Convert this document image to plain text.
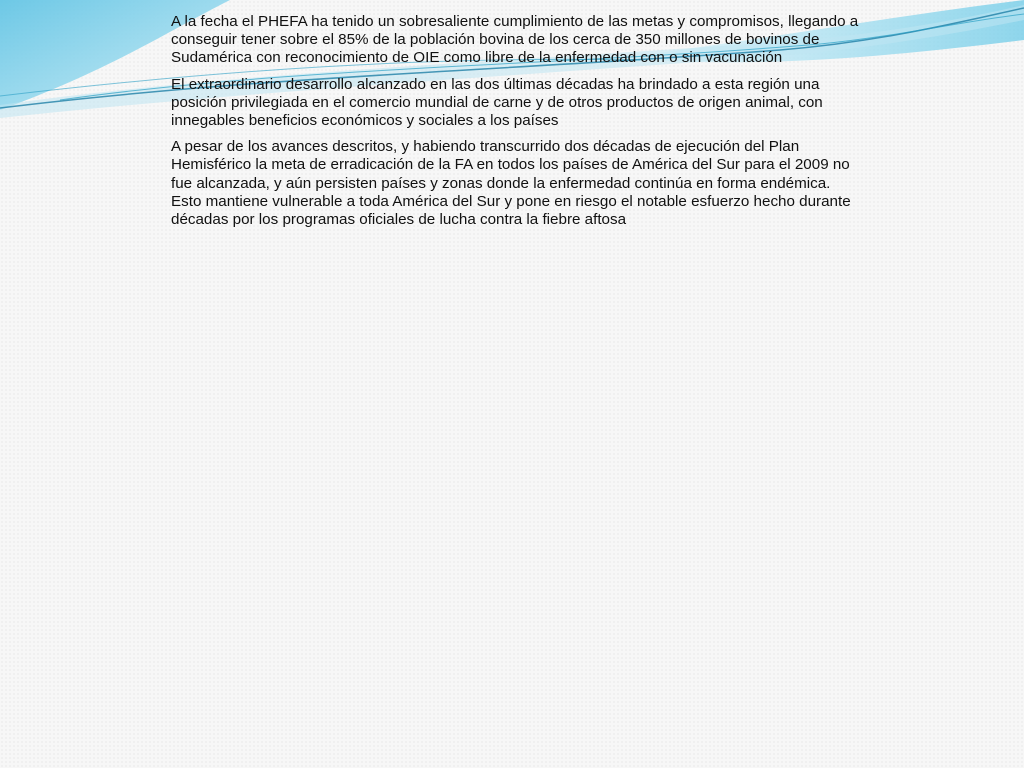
A la fecha el PHEFA ha tenido un sobresaliente cumplimiento de las metas y compromisos, llegando a conseguir tener sobre el 85% de la población bovina de los cerca de 350 millones de bovinos de Sudamérica con reconocimiento de OIE como libre de la enfermedad con o sin vacunación

El extraordinario desarrollo alcanzado en las dos últimas décadas ha brindado a esta región una posición privilegiada en el comercio mundial de carne y de otros productos de origen animal, con innegables beneficios económicos y sociales a los países

A pesar de los avances descritos, y habiendo transcurrido dos décadas de ejecución del Plan Hemisférico la meta de erradicación de la FA en todos los países de América del Sur para el 2009 no fue alcanzada, y aún persisten países y zonas donde la enfermedad continúa en forma endémica. Esto mantiene vulnerable a toda América del Sur y pone en riesgo el notable esfuerzo hecho durante décadas por los programas oficiales de lucha contra la fiebre aftosa
